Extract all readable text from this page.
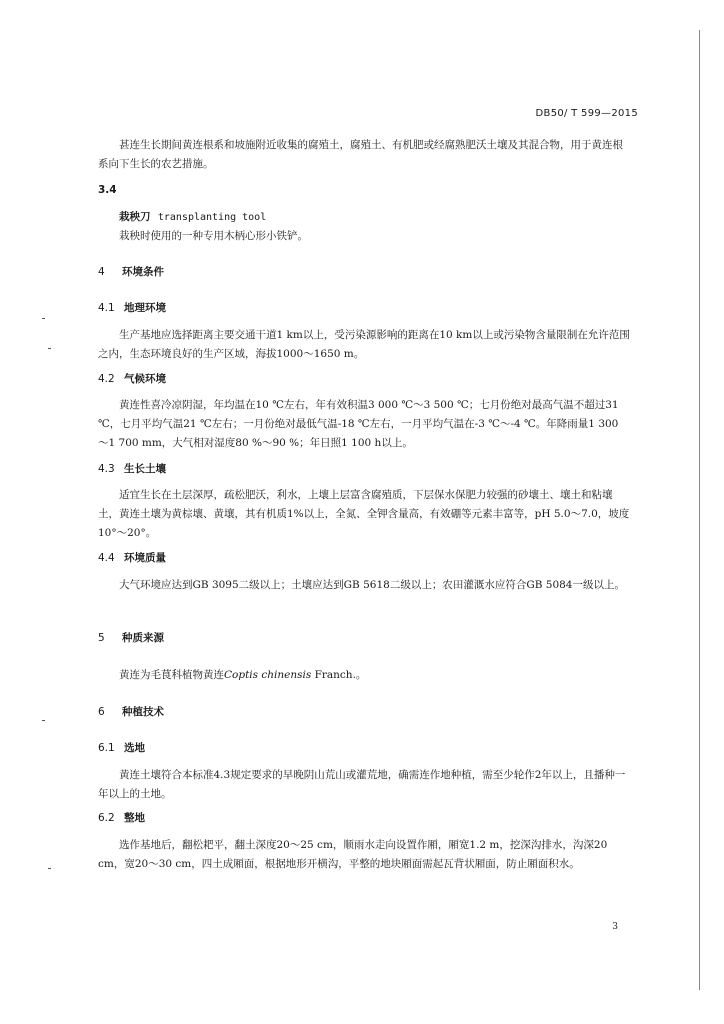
DB50/ T 599—2015

甚连生长期间黄连根系和坡施附近收集的腐殖土，腐殖土、有机肥或经腐熟肥沃土壤及其混合物，用于黄连根系向下生长的农艺措施。

3.4
栽秧刀 transplanting tool
栽秧时使用的一种专用木柄心形小铁铲。
4 环境条件
4.1 地理环境

生产基地应选择距离主要交通干道1 km以上，受污染源影响的距离在10 km以上或污染物含量限制在允许范围之内，生态环境良好的生产区域，海拔1000～1650 m。

4.2 气候环境

黄连性喜冷凉阴湿，年均温在10 ℃左右，年有效积温3 000 ℃～3 500 ℃；七月份绝对最高气温不超过31 ℃，七月平均气温21 ℃左右；一月份绝对最低气温-18 ℃左右，一月平均气温在-3 ℃～-4 ℃。年降雨量1 300 ～1 700 mm，大气相对湿度80 %～90 %；年日照1 100 h以上。

4.3 生长土壤

适宜生长在土层深厚，疏松肥沃，利水，上壤上层富含腐殖质，下层保水保肥力较强的砂壤土、壤土和粘壤土，黄连土壤为黄棕壤、黄壤，其有机质1%以上，全氮、全钾含量高，有效硼等元素丰富等，pH 5.0～7.0，坡度10°～20°。

4.4 环境质量

大气环境应达到GB 3095二级以上；土壤应达到GB 5618二级以上；农田灌溉水应符合GB 5084一级以上。

5 种质来源

黄连为毛茛科植物黄连Coptis chinensis Franch.。

6 种植技术
6.1 选地

黄连土壤符合本标准4.3规定要求的早晚阴山荒山或灌荒地，确需连作地种植，需至少轮作2年以上，且播种一年以上的土地。

6.2 整地

选作基地后，翻松耙平，翻土深度20～25 cm，顺雨水走向设置作厢，厢宽1.2 m，挖深沟排水，沟深20 cm，宽20～30 cm，四土成厢面，根据地形开横沟，平整的地块厢面需起瓦背状厢面，防止厢面积水。

3
